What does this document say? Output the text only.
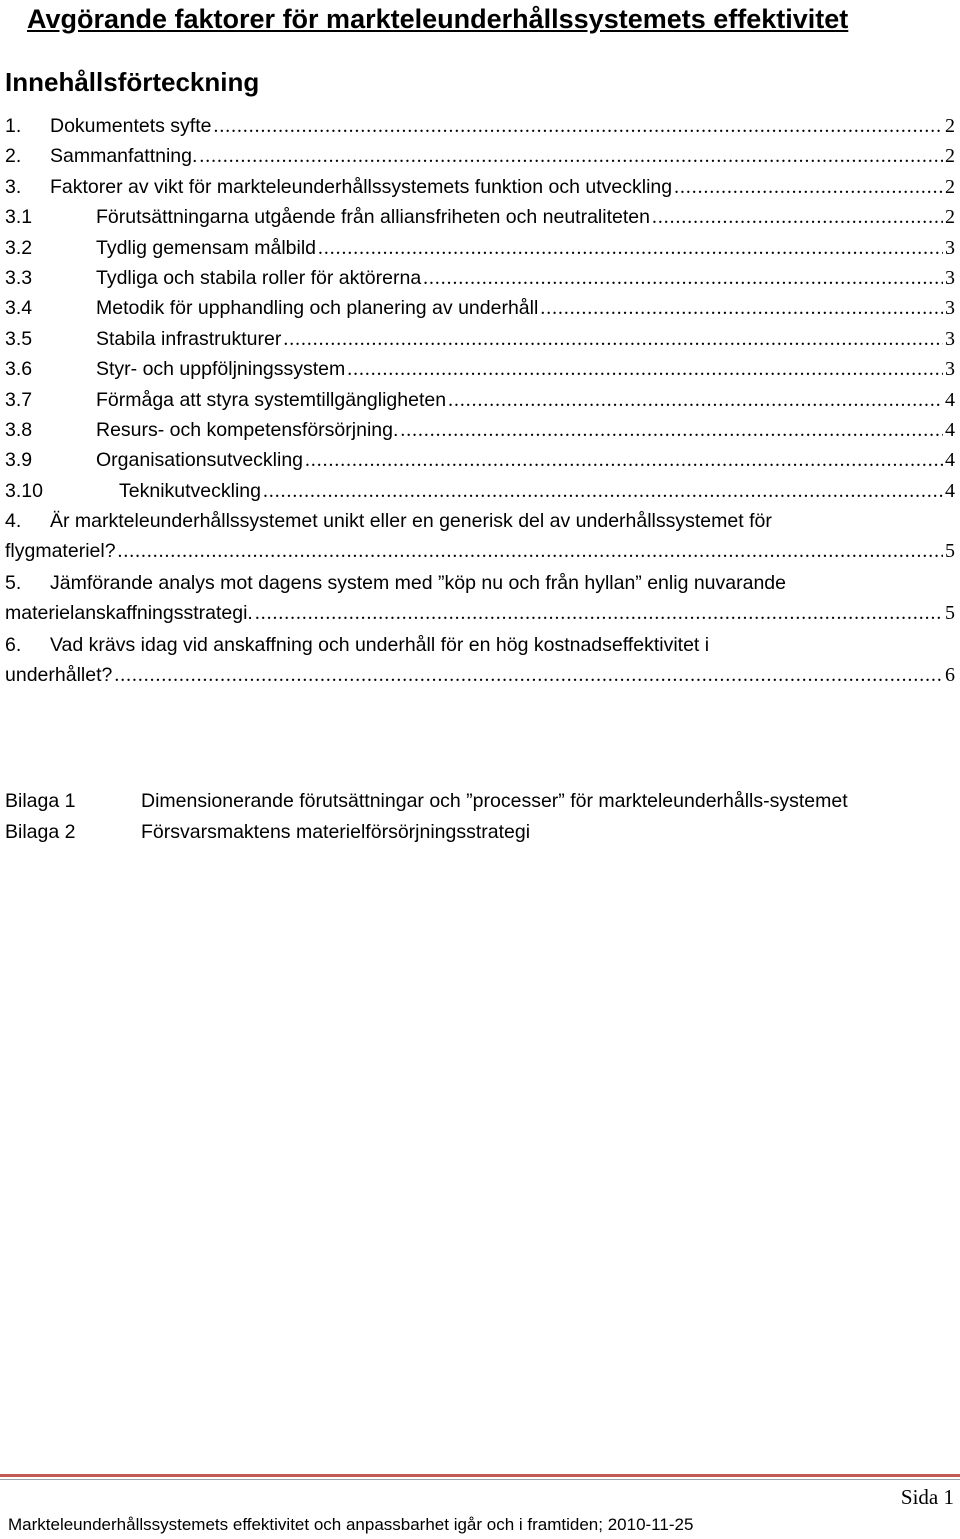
Avgörande faktorer för markteleunderhållssystemets effektivitet
Innehållsförteckning
1.	Dokumentets syfte .....	2
2.	Sammanfattning. .....	2
3.	Faktorer av vikt för markteleunderhållssystemets funktion och utveckling .....	2
3.1	Förutsättningarna utgående från alliansfriheten och neutraliteten .....	2
3.2	Tydlig gemensam målbild .....	3
3.3	Tydliga och stabila roller för aktörerna .....	3
3.4	Metodik för upphandling och planering av underhåll .....	3
3.5	Stabila infrastrukturer .....	3
3.6	Styr- och uppföljningssystem .....	3
3.7	Förmåga att styra systemtillgängligheten .....	4
3.8	Resurs- och kompetensförsörjning. .....	4
3.9	Organisationsutveckling .....	4
3.10	Teknikutveckling .....	4
4. Är markteleunderhållssystemet unikt eller en generisk del av underhållssystemet för
flygmateriel? .....	5
5. Jämförande analys mot dagens system med ”köp nu och från hyllan” enlig nuvarande
materielanskaffningsstrategi. .....	5
6. Vad krävs idag vid anskaffning och underhåll för en hög kostnadseffektivitet i
underhållet? .....	6
Bilaga 1	Dimensionerande förutsättningar och ”processer” för markteleunderhålls-systemet
Bilaga 2	Försvarsmaktens materielförsörjningsstrategi
Sida 1
Markteleunderhållssystemets effektivitet och anpassbarhet igår och i framtiden; 2010-11-25
